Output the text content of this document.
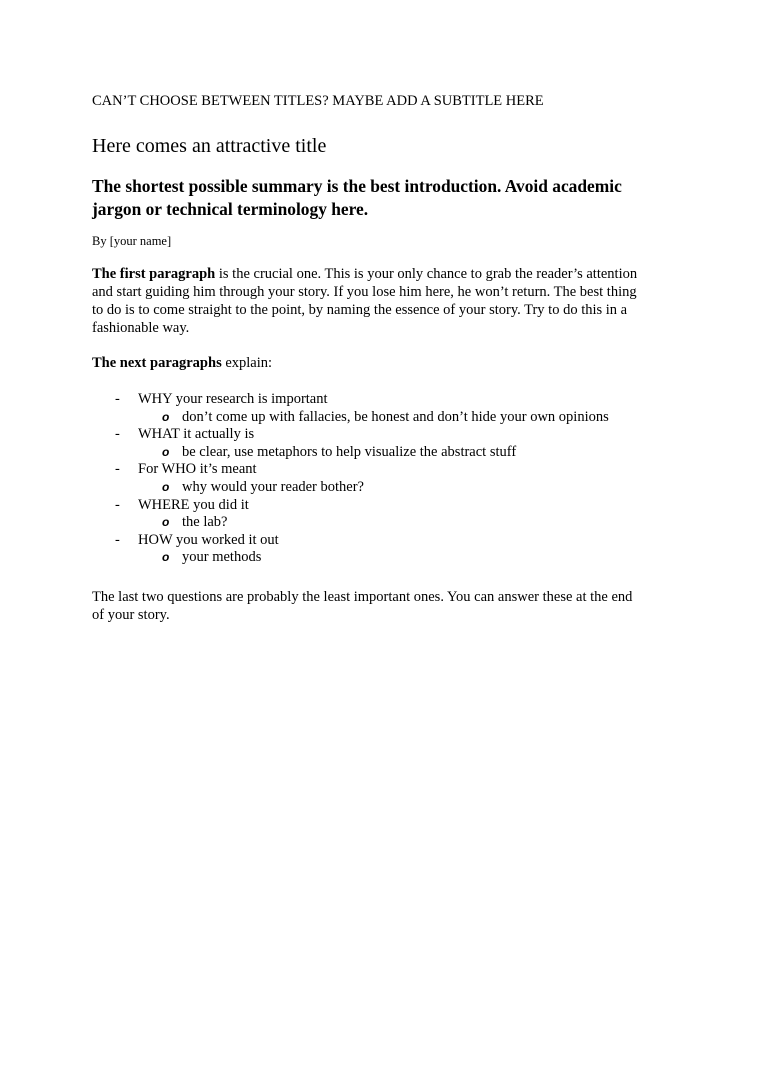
CAN’T CHOOSE BETWEEN TITLES? MAYBE ADD A SUBTITLE HERE
Here comes an attractive title
The shortest possible summary is the best introduction. Avoid academic
jargon or technical terminology here.
By [your name]
The first paragraph is the crucial one. This is your only chance to grab the reader’s attention
and start guiding him through your story. If you lose him here, he won’t return. The best thing
to do is to come straight to the point, by naming the essence of your story. Try to do this in a
fashionable way.
The next paragraphs explain:
- WHY your research is important
o don’t come up with fallacies, be honest and don’t hide your own opinions
- WHAT it actually is
o be clear, use metaphors to help visualize the abstract stuff
- For WHO it’s meant
o why would your reader bother?
- WHERE you did it
o the lab?
- HOW you worked it out
o your methods
The last two questions are probably the least important ones. You can answer these at the end
of your story.
